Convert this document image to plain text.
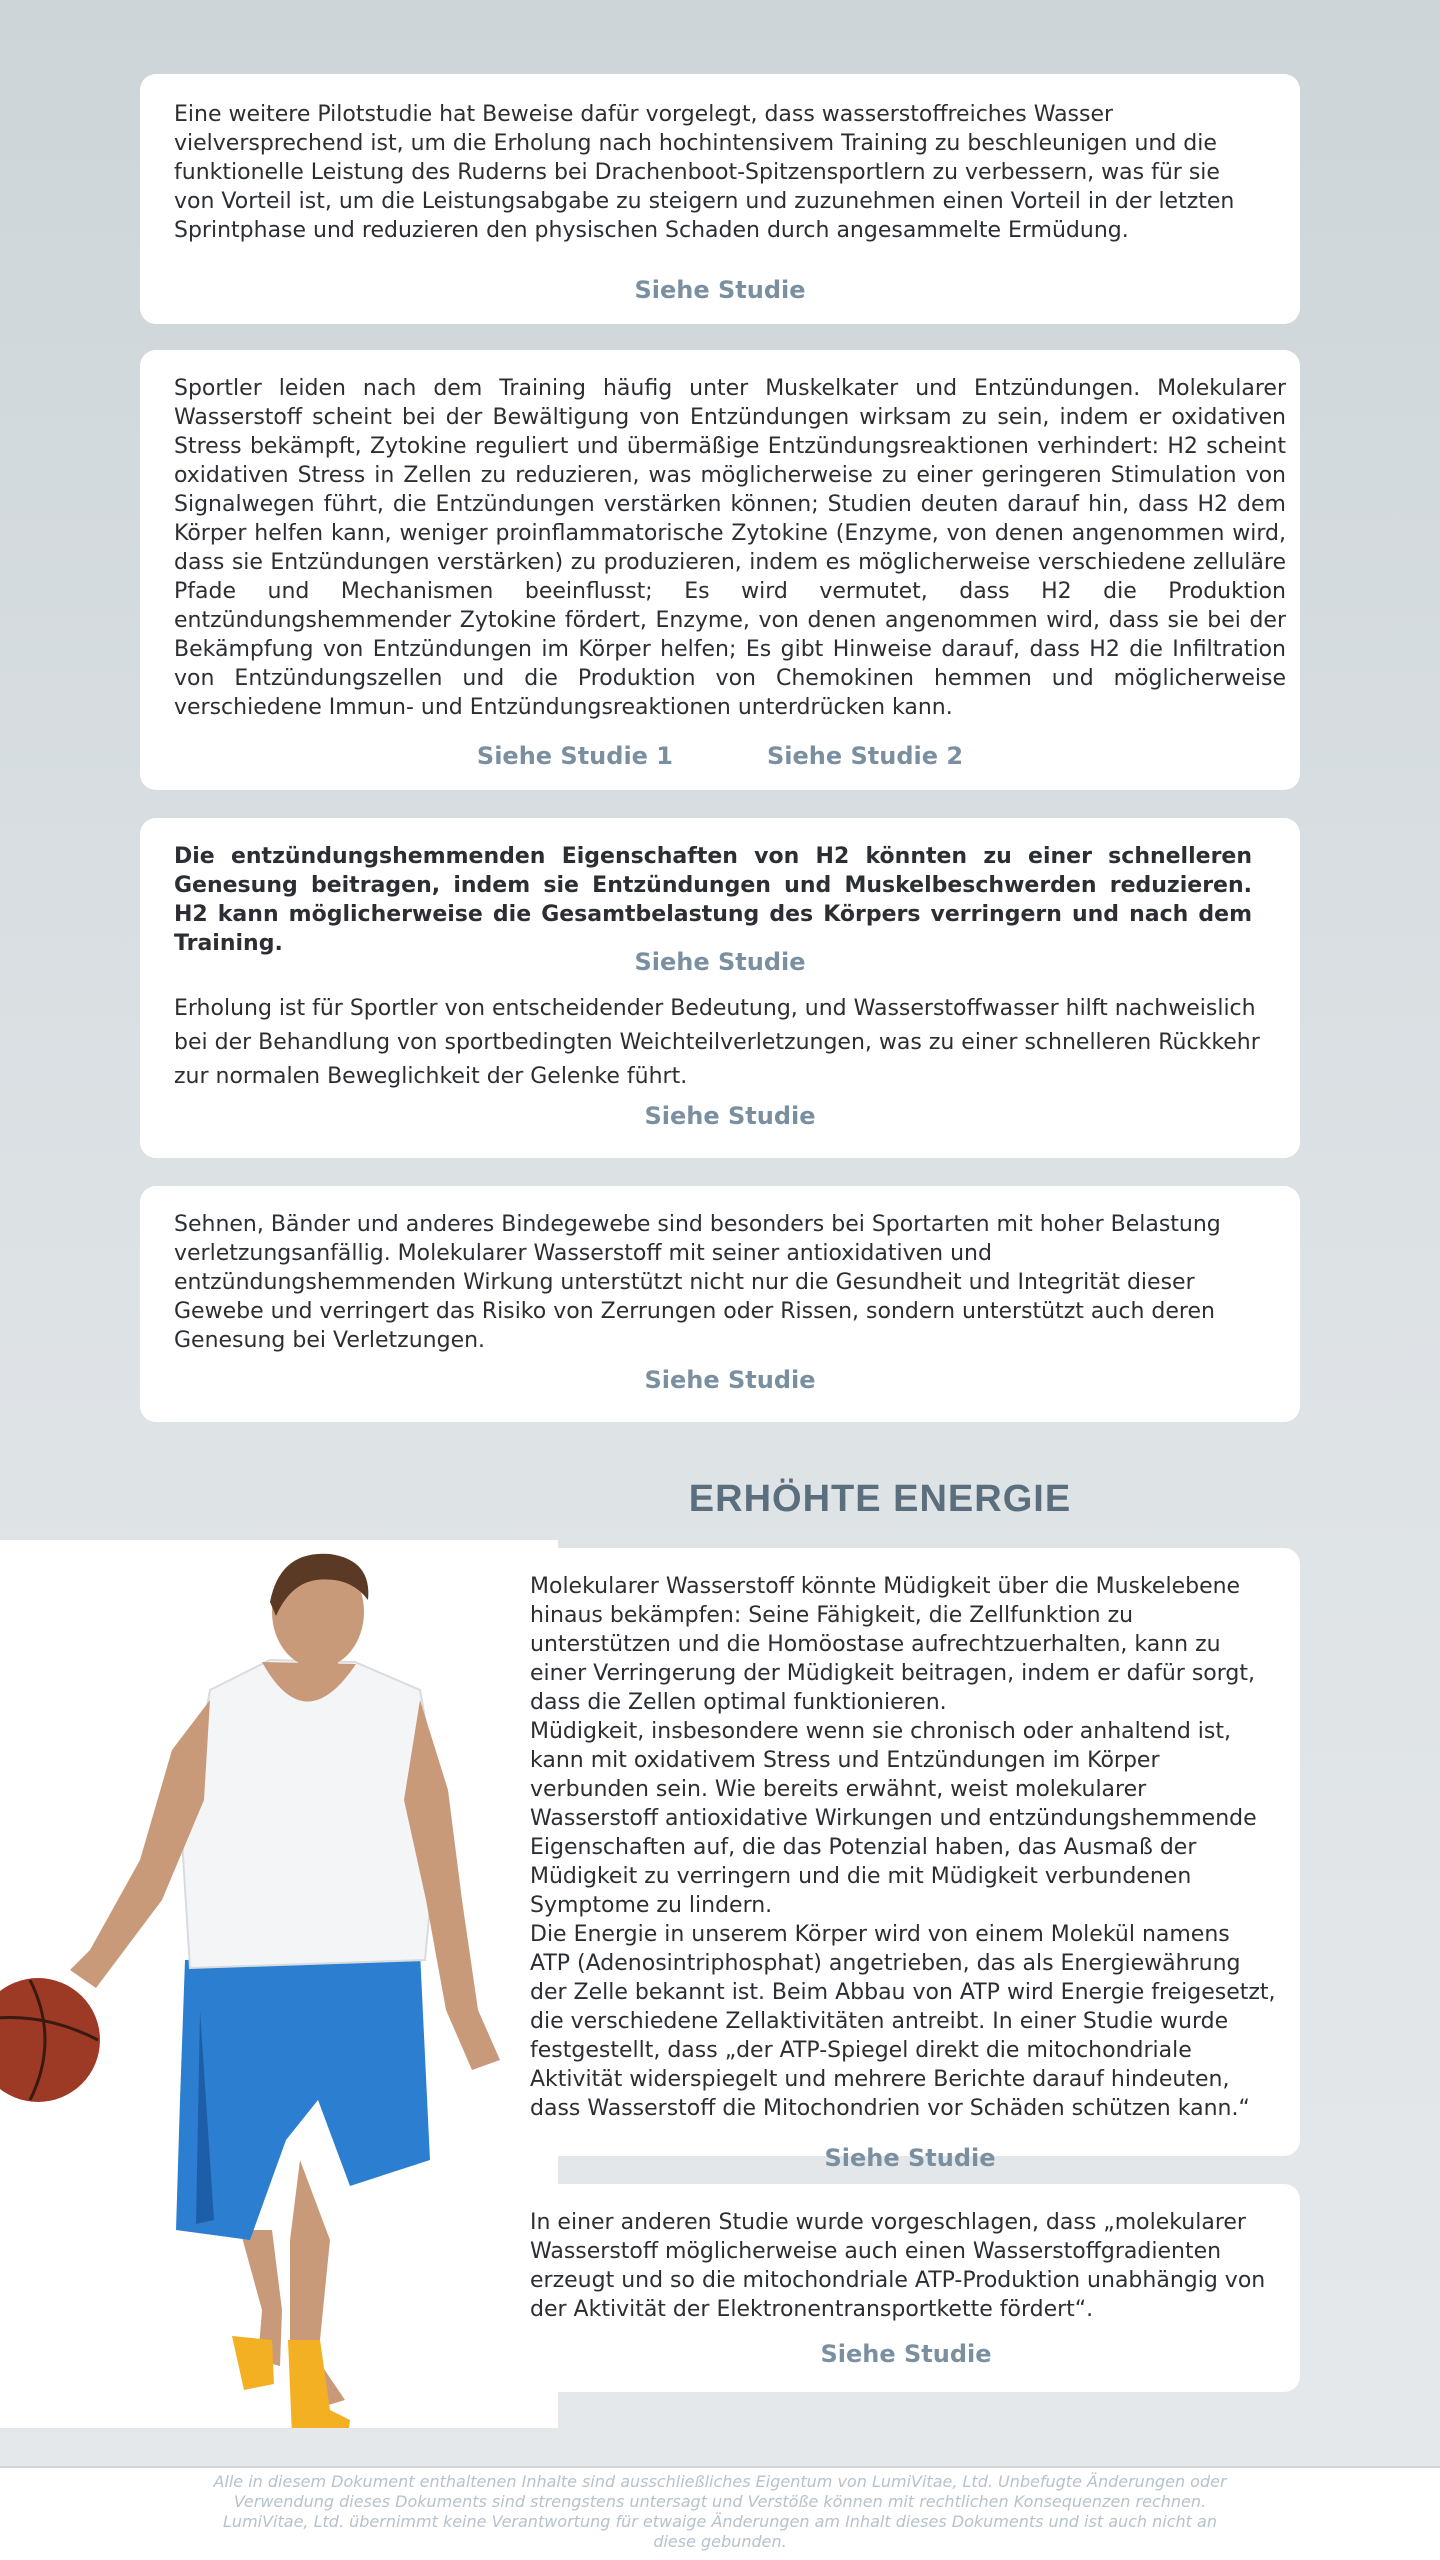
Eine weitere Pilotstudie hat Beweise dafür vorgelegt, dass wasserstoffreiches Wasser vielversprechend ist, um die Erholung nach hochintensivem Training zu beschleunigen und die funktionelle Leistung des Ruderns bei Drachenboot-Spitzensportlern zu verbessern, was für sie von Vorteil ist, um die Leistungsabgabe zu steigern und zuzunehmen einen Vorteil in der letzten Sprintphase und reduzieren den physischen Schaden durch angesammelte Ermüdung.

Siehe Studie

Sportler leiden nach dem Training häufig unter Muskelkater und Entzündungen. Molekularer Wasserstoff scheint bei der Bewältigung von Entzündungen wirksam zu sein, indem er oxidativen Stress bekämpft, Zytokine reguliert und übermäßige Entzündungsreaktionen verhindert: H2 scheint oxidativen Stress in Zellen zu reduzieren, was möglicherweise zu einer geringeren Stimulation von Signalwegen führt, die Entzündungen verstärken können; Studien deuten darauf hin, dass H2 dem Körper helfen kann, weniger proinflammatorische Zytokine (Enzyme, von denen angenommen wird, dass sie Entzündungen verstärken) zu produzieren, indem es möglicherweise verschiedene zelluläre Pfade und Mechanismen beeinflusst; Es wird vermutet, dass H2 die Produktion entzündungshemmender Zytokine fördert, Enzyme, von denen angenommen wird, dass sie bei der Bekämpfung von Entzündungen im Körper helfen; Es gibt Hinweise darauf, dass H2 die Infiltration von Entzündungszellen und die Produktion von Chemokinen hemmen und möglicherweise verschiedene Immun- und Entzündungsreaktionen unterdrücken kann.

Siehe Studie 1	Siehe Studie 2

Die entzündungshemmenden Eigenschaften von H2 könnten zu einer schnelleren Genesung beitragen, indem sie Entzündungen und Muskelbeschwerden reduzieren. H2 kann möglicherweise die Gesamtbelastung des Körpers verringern und nach dem Training.

Siehe Studie

Erholung ist für Sportler von entscheidender Bedeutung, und Wasserstoffwasser hilft nachweislich bei der Behandlung von sportbedingten Weichteilverletzungen, was zu einer schnelleren Rückkehr zur normalen Beweglichkeit der Gelenke führt.

Siehe Studie

Sehnen, Bänder und anderes Bindegewebe sind besonders bei Sportarten mit hoher Belastung verletzungsanfällig. Molekularer Wasserstoff mit seiner antioxidativen und entzündungshemmenden Wirkung unterstützt nicht nur die Gesundheit und Integrität dieser Gewebe und verringert das Risiko von Zerrungen oder Rissen, sondern unterstützt auch deren Genesung bei Verletzungen.

Siehe Studie
ERHÖHTE ENERGIE

Molekularer Wasserstoff könnte Müdigkeit über die Muskelebene hinaus bekämpfen: Seine Fähigkeit, die Zellfunktion zu unterstützen und die Homöostase aufrechtzuerhalten, kann zu einer Verringerung der Müdigkeit beitragen, indem er dafür sorgt, dass die Zellen optimal funktionieren.

Müdigkeit, insbesondere wenn sie chronisch oder anhaltend ist, kann mit oxidativem Stress und Entzündungen im Körper verbunden sein. Wie bereits erwähnt, weist molekularer Wasserstoff antioxidative Wirkungen und entzündungshemmende Eigenschaften auf, die das Potenzial haben, das Ausmaß der Müdigkeit zu verringern und die mit Müdigkeit verbundenen Symptome zu lindern.

Die Energie in unserem Körper wird von einem Molekül namens ATP (Adenosintriphosphat) angetrieben, das als Energiewährung der Zelle bekannt ist. Beim Abbau von ATP wird Energie freigesetzt, die verschiedene Zellaktivitäten antreibt. In einer Studie wurde festgestellt, dass „der ATP-Spiegel direkt die mitochondriale Aktivität widerspiegelt und mehrere Berichte darauf hindeuten, dass Wasserstoff die Mitochondrien vor Schäden schützen kann.“

Siehe Studie

In einer anderen Studie wurde vorgeschlagen, dass „molekularer Wasserstoff möglicherweise auch einen Wasserstoffgradienten erzeugt und so die mitochondriale ATP-Produktion unabhängig von der Aktivität der Elektronentransportkette fördert“.

Siehe Studie

Alle in diesem Dokument enthaltenen Inhalte sind ausschließliches Eigentum von LumiVitae, Ltd. Unbefugte Änderungen oder Verwendung dieses Dokuments sind strengstens untersagt und Verstöße können mit rechtlichen Konsequenzen rechnen. LumiVitae, Ltd. übernimmt keine Verantwortung für etwaige Änderungen am Inhalt dieses Dokuments und ist auch nicht an diese gebunden.
